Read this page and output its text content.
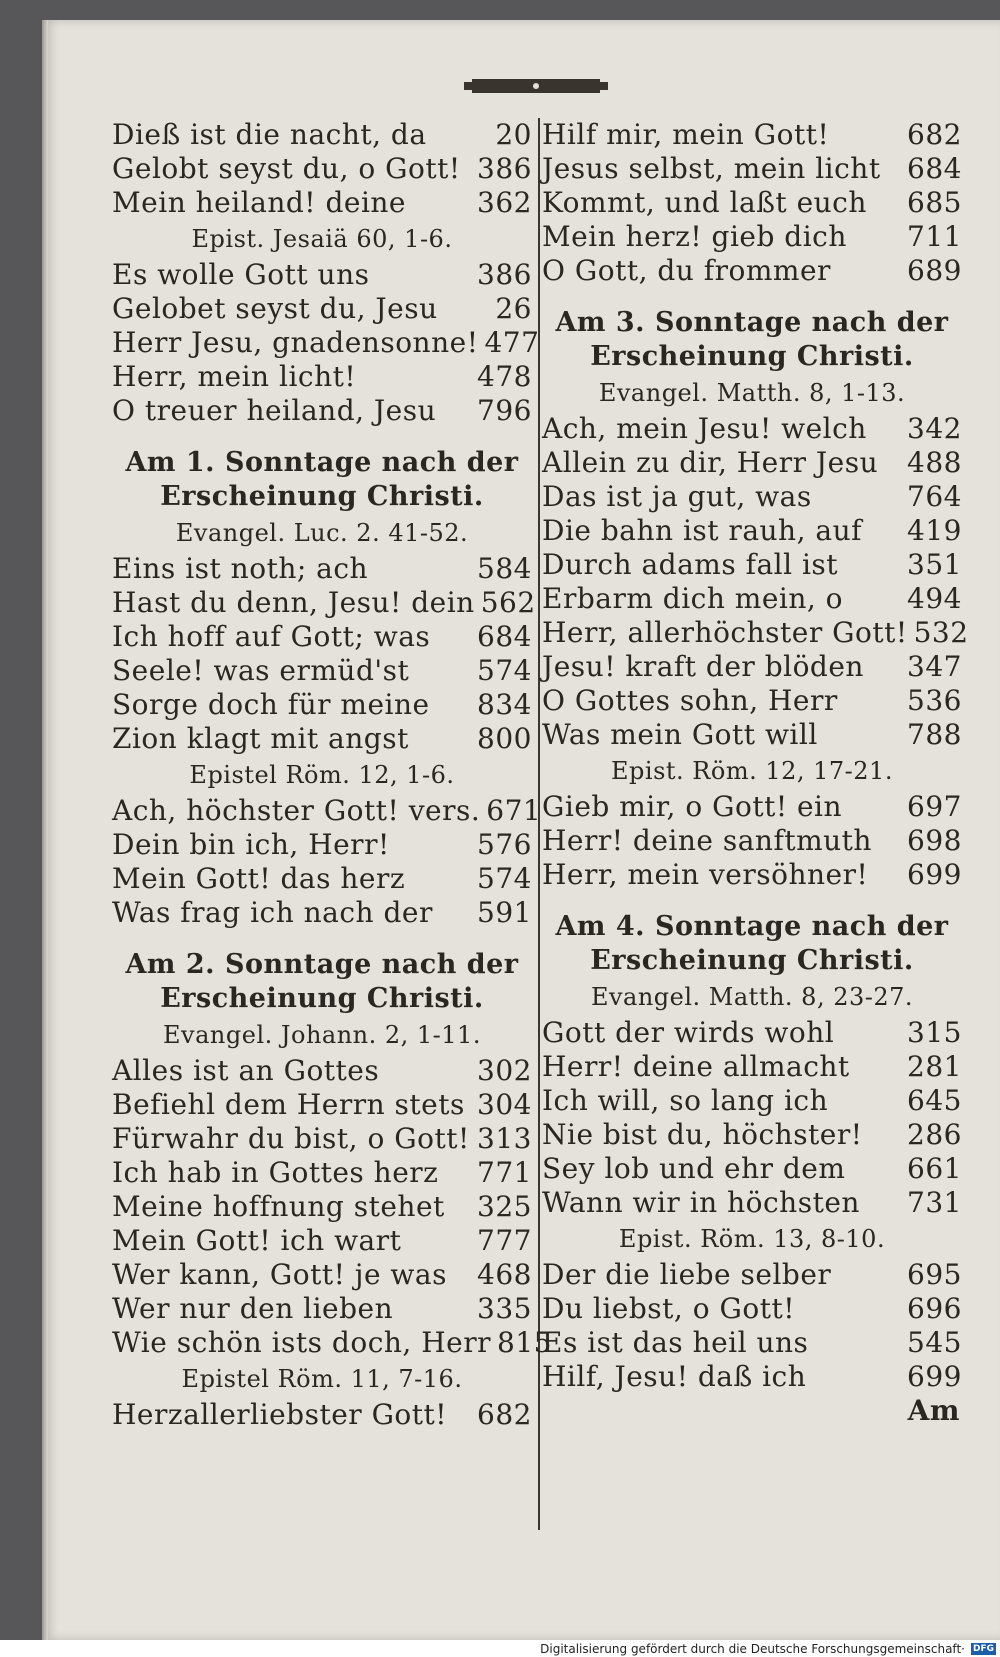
Dieß ist die nacht, da 20
Gelobt seyst du, o Gott! 386
Mein heiland! deine	362
Epist. Jesaiä 60, 1-6.
Es wolle Gott uns	386
Gelobet seyst du, Jesu 26
Herr Jesu, gnadensonne! 477
Herr, mein licht!	478
O treuer heiland, Jesu 796
Am 1. Sonntage nach der
Erscheinung Christi.
Evangel. Luc. 2. 41-52.
Eins ist noth; ach	584
Hast du denn, Jesu! dein 562
Ich hoff auf Gott; was 684
Seele! was ermüd'st 574
Sorge doch für meine 834
Zion klagt mit angst 800
Epistel Röm. 12, 1-6.
Ach, höchster Gott! vers. 671
Dein bin ich, Herr!	576
Mein Gott! das herz	574
Was frag ich nach der 591
Am 2. Sonntage nach der
Erscheinung Christi.
Evangel. Johann. 2, 1-11.
Alles ist an Gottes	302
Befiehl dem Herrn stets 304
Fürwahr du bist, o Gott! 313
Ich hab in Gottes herz 771
Meine hoffnung stehet 325
Mein Gott! ich wart	777
Wer kann, Gott! je was 468
Wer nur den lieben	335
Wie schön ists doch, Herr 815
Epistel Röm. 11, 7-16.
Herzallerliebster Gott! 682
Hilf mir, mein Gott!	682
Jesus selbst, mein licht 684
Kommt, und laßt euch 685
Mein herz! gieb dich 711
O Gott, du frommer	689
Am 3. Sonntage nach der
Erscheinung Christi.
Evangel. Matth. 8, 1-13.
Ach, mein Jesu! welch 342
Allein zu dir, Herr Jesu 488
Das ist ja gut, was	764
Die bahn ist rauh, auf 419
Durch adams fall ist 351
Erbarm dich mein, o 494
Herr, allerhöchster Gott! 532
Jesu! kraft der blöden 347
O Gottes sohn, Herr 536
Was mein Gott will	788
Epist. Röm. 12, 17-21.
Gieb mir, o Gott! ein 697
Herr! deine sanftmuth 698
Herr, mein versöhner! 699
Am 4. Sonntage nach der
Erscheinung Christi.
Evangel. Matth. 8, 23-27.
Gott der wirds wohl	315
Herr! deine allmacht 281
Ich will, so lang ich	645
Nie bist du, höchster! 286
Sey lob und ehr dem 661
Wann wir in höchsten 731
Epist. Röm. 13, 8-10.
Der die liebe selber	695
Du liebst, o Gott!	696
Es ist das heil uns	545
Hilf, Jesu! daß ich	699
Am
Digitalisierung gefördert durch die Deutsche Forschungsgemeinschaft· DFG
